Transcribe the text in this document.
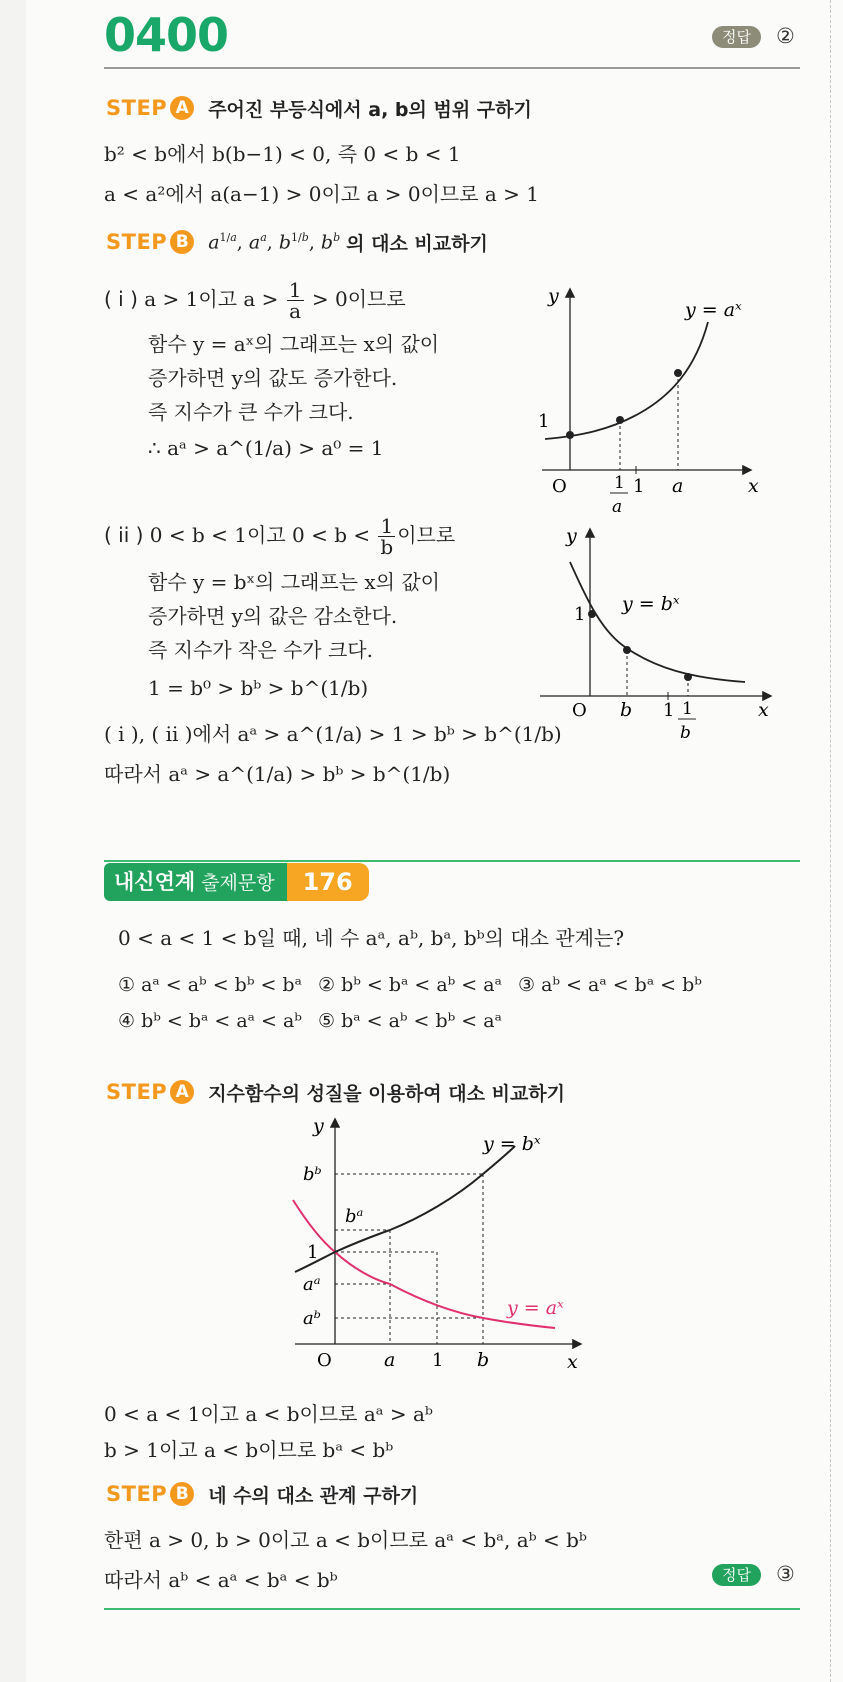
0400	정답	②
STEP A 주어진 부등식에서 a, b의 범위 구하기
b² < b에서 b(b−1) < 0, 즉 0 < b < 1
a < a²에서 a(a−1) > 0이고 a > 0이므로 a > 1
STEP B $a^{1/a}$, $a^a$, $b^{1/b}$, $b^b$ 의 대소 비교하기
( i ) a > 1이고 $a > \frac{1}{a} > 0$이므로
함수 y = aˣ의 그래프는 x의 값이
증가하면 y의 값도 증가한다.
즉 지수가 큰 수가 크다.
∴ aᵃ > a^(1/a) > a⁰ = 1
y
x
O
1
1 a
1
a
y = aˣ
( ii ) 0 < b < 1이고 $0 < b < \frac{1}{b}$ 이므로
함수 y = bˣ의 그래프는 x의 값이
증가하면 y의 값은 감소한다.
즉 지수가 작은 수가 크다.
1 = b⁰ > bᵇ > b^(1/b)
y
x
O
1
b 1 1
b
y = bˣ
( i ), ( ii )에서 aᵃ > a^(1/a) > 1 > bᵇ > b^(1/b)
따라서 aᵃ > a^(1/a) > bᵇ > b^(1/b)
내신연계 출제문항	176
0 < a < 1 < b일 때, 네 수 aᵃ, aᵇ, bᵃ, bᵇ의 대소 관계는?
① aᵃ < aᵇ < bᵇ < bᵃ ② bᵇ < bᵃ < aᵇ < aᵃ ③ aᵇ < aᵃ < bᵃ < bᵇ
④ bᵇ < bᵃ < aᵃ < aᵇ ⑤ bᵃ < aᵇ < bᵇ < aᵃ
STEP A 지수함수의 성질을 이용하여 대소 비교하기
y
x
O	a 1 b
bᵇ
bᵃ
1
aᵃ
aᵇ
y = bˣ
y = aˣ
0 < a < 1이고 a < b이므로 aᵃ > aᵇ
b > 1이고 a < b이므로 bᵃ < bᵇ
STEP B 네 수의 대소 관계 구하기
한편 a > 0, b > 0이고 a < b이므로 aᵃ < bᵃ, aᵇ < bᵇ
따라서 aᵇ < aᵃ < bᵃ < bᵇ	정답	③
